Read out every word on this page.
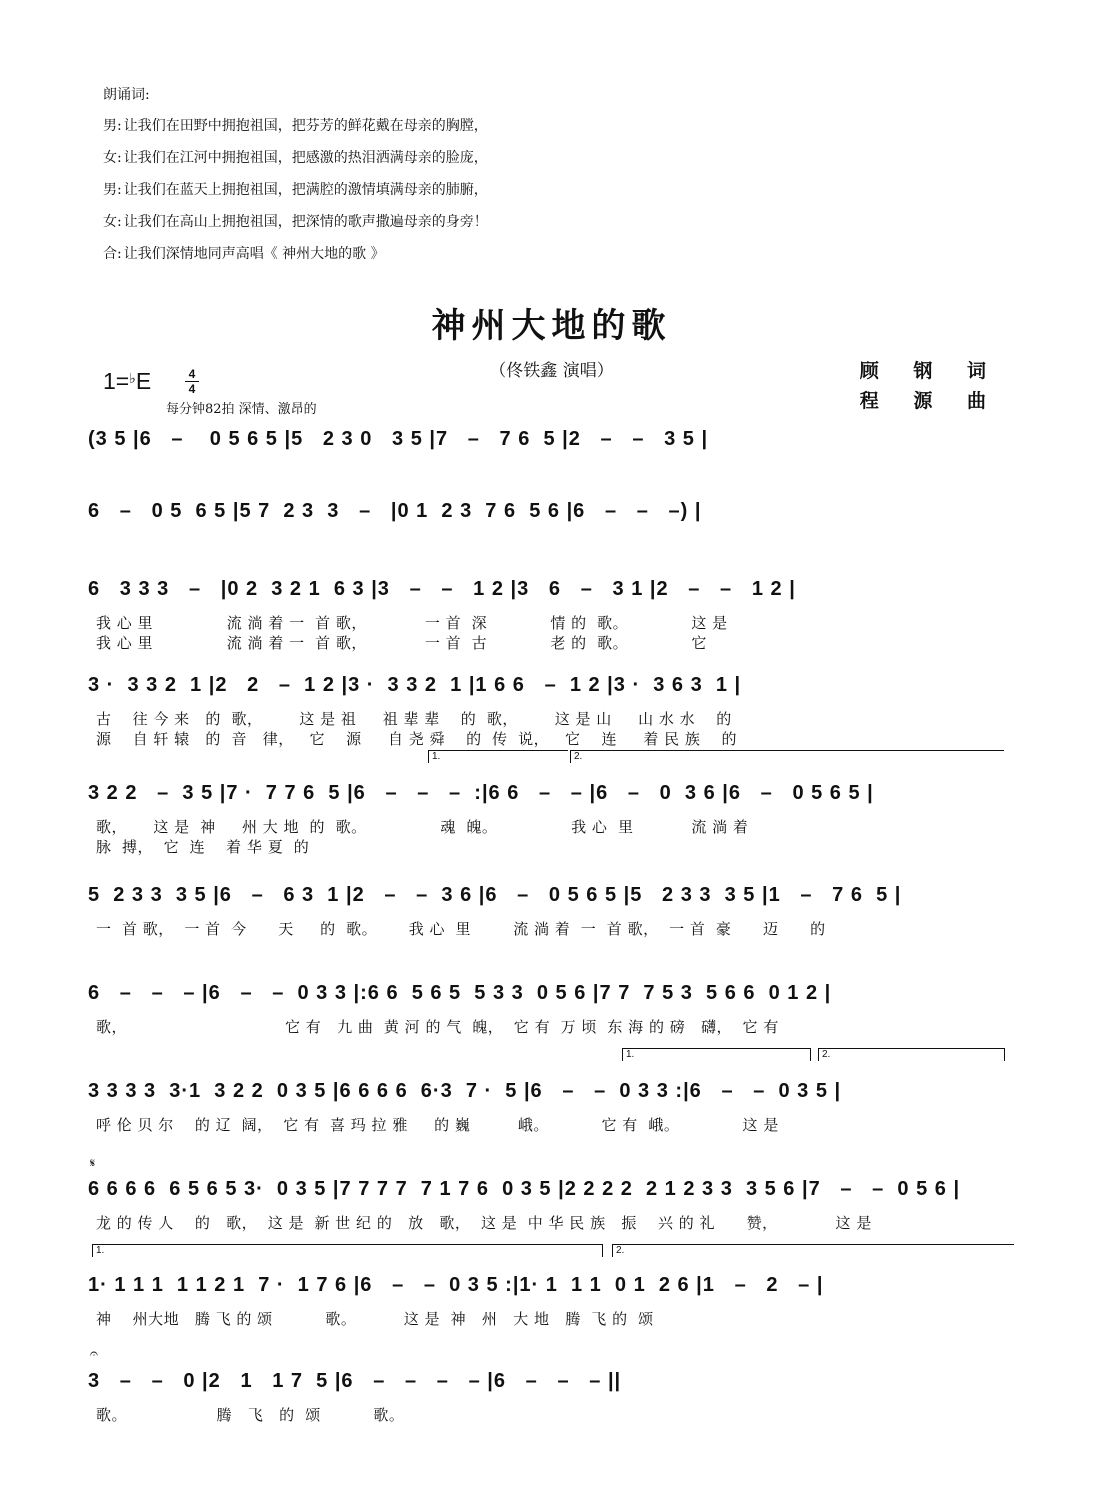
朗诵词:
男: 让我们在田野中拥抱祖国，把芬芳的鲜花戴在母亲的胸膛，
女: 让我们在江河中拥抱祖国，把感激的热泪洒满母亲的脸庞，
男: 让我们在蓝天上拥抱祖国，把满腔的激情填满母亲的肺腑，
女: 让我们在高山上拥抱祖国，把深情的歌声撒遍母亲的身旁！
合: 让我们深情地同声高唱《 神州大地的歌 》
神州大地的歌
（佟铁鑫 演唱）	顾 钢 词
程 源 曲
1=♭E	4
4
每分钟82拍 深情、激昂的
(3 5 |6   –    0 5 6 5 |5   2 3 0   3 5 |7   –   7 6  5 |2   –   –   3 5 |
6   –   0 5  6 5 |5 7  2 3  3   –   |0 1  2 3  7 6  5 6 |6   –   –   –) |
6   3 3 3   –   |0 2  3 2 1  6 3 |3   –   –   1 2 |3   6   –   3 1 |2   –   –   1 2 |
我 心 里              流 淌 着 一  首 歌，           一 首  深            情 的  歌。            这 是
我 心 里              流 淌 着 一  首 歌，           一 首  古            老 的  歌。            它
3 ·  3 3 2  1 |2   2   –  1 2 |3 ·  3 3 2  1 |1 6 6   –  1 2 |3 ·  3 6 3  1 |
古    往 今 来   的  歌，       这 是 祖     祖 辈 辈    的  歌，       这 是 山     山 水 水    的
源    自 轩 辕   的  音   律，   它    源     自 尧 舜    的  传  说，   它    连     着 民 族    的
1.	2.
3 2 2   –  3 5 |7 ·  7 7 6  5 |6   –   –   –  :|6 6   –   – |6   –   0  3 6 |6   –   0 5 6 5 |
歌，     这 是  神     州 大 地  的  歌。              魂  魄。              我 心  里           流 淌 着
脉  搏，  它  连    着 华 夏  的
5  2 3 3  3 5 |6   –   6 3  1 |2   –   –  3 6 |6   –   0 5 6 5 |5   2 3 3  3 5 |1   –   7 6  5 |
一  首 歌，  一 首  今      天     的  歌。      我 心  里        流 淌 着  一  首 歌，  一 首  豪      迈      的
6   –   –   – |6   –   –  0 3 3 |:6 6  5 6 5  5 3 3  0 5 6 |7 7  7 5 3  5 6 6  0 1 2 |
歌，                              它 有   九 曲  黄 河 的 气  魄，  它 有  万 顷  东 海 的 磅   礴，  它 有
1.	2.
3 3 3 3  3·1  3 2 2  0 3 5 |6 6 6 6  6·3  7 ·  5 |6   –   –  0 3 3 :|6   –   –  0 3 5 |
呼 伦 贝 尔    的 辽  阔，  它 有  喜 玛 拉 雅     的 巍         峨。          它 有  峨。            这 是
𝄋
6 6 6 6  6 5 6 5 3·  0 3 5 |7 7 7 7  7 1 7 6  0 3 5 |2 2 2 2  2 1 2 3 3  3 5 6 |7   –   –  0 5 6 |
龙 的 传 人    的   歌，  这 是  新 世 纪 的   放   歌，  这 是  中 华 民 族   振    兴 的 礼      赞，           这 是
1.	2.
1· 1 1 1  1 1 2 1  7 ·  1 7 6 |6   –   –  0 3 5 :|1· 1  1 1  0 1  2 6 |1   –   2   – |
神    州大地   腾 飞 的 颂          歌。         这 是  神   州   大 地   腾  飞 的  颂
𝄐
3   –   –   0 |2   1   1 7  5 |6   –   –   –   – |6   –   –   – ||
歌。                 腾   飞   的  颂          歌。
